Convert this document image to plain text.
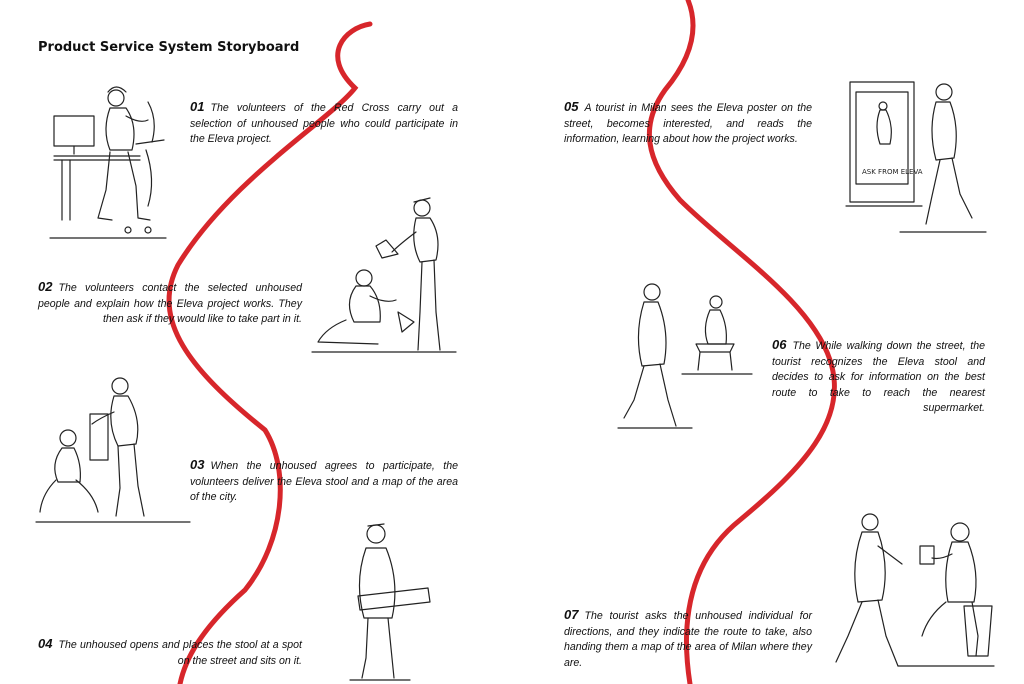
Product Service System Storyboard
01 The volunteers of the Red Cross carry out a selection of unhoused people who could participate in the Eleva project.
02 The volunteers contact the selected unhoused people and explain how the Eleva project works. They then ask if they would like to take part in it.
03 When the unhoused agrees to participate, the volunteers deliver the Eleva stool and a map of the area of the city.
04 The unhoused opens and places the stool at a spot on the street and sits on it.
05 A tourist in Milan sees the Eleva poster on the street, becomes interested, and reads the information, learning about how the project works.
06 The While walking down the street, the tourist recognizes the Eleva stool and decides to ask for information on the best route to take to reach the nearest supermarket.
07 The tourist asks the unhoused individual for directions, and they indicate the route to take, also handing them a map of the area of Milan where they are.
ASK FROM ELEVA
